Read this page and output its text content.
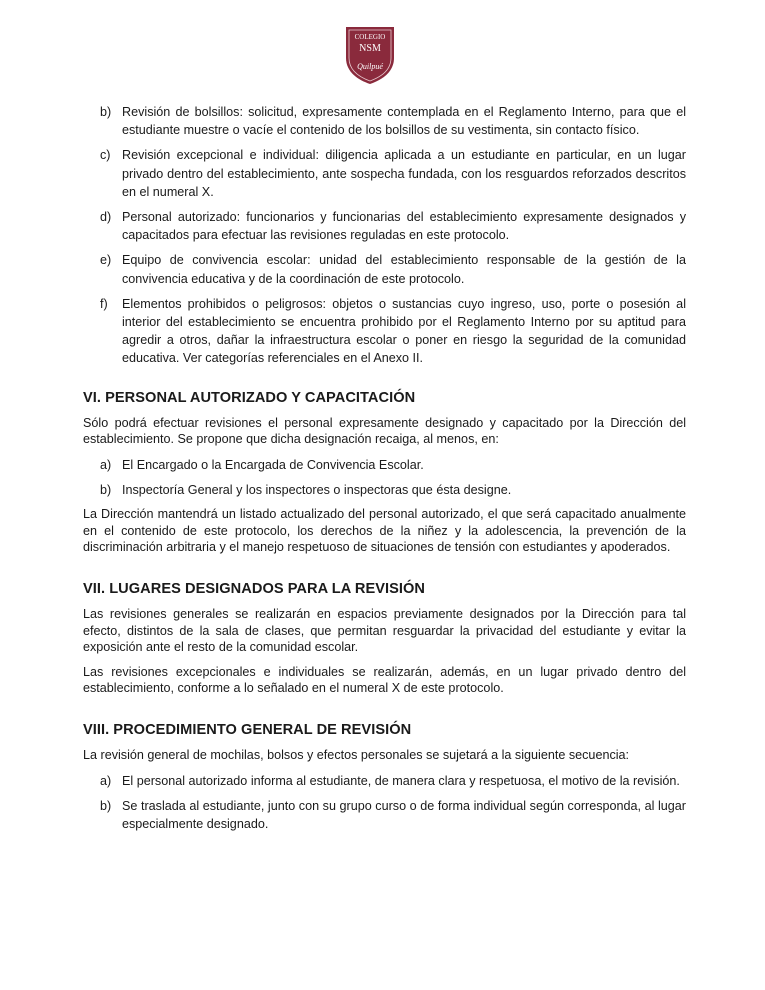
COLEGIO
NSM
Quilpué
b) Revisión de bolsillos: solicitud, expresamente contemplada en el Reglamento Interno, para que el estudiante muestre o vacíe el contenido de los bolsillos de su vestimenta, sin contacto físico.
c) Revisión excepcional e individual: diligencia aplicada a un estudiante en particular, en un lugar privado dentro del establecimiento, ante sospecha fundada, con los resguardos reforzados descritos en el numeral X.
d) Personal autorizado: funcionarios y funcionarias del establecimiento expresamente designados y capacitados para efectuar las revisiones reguladas en este protocolo.
e) Equipo de convivencia escolar: unidad del establecimiento responsable de la gestión de la convivencia educativa y de la coordinación de este protocolo.
f) Elementos prohibidos o peligrosos: objetos o sustancias cuyo ingreso, uso, porte o posesión al interior del establecimiento se encuentra prohibido por el Reglamento Interno por su aptitud para agredir a otros, dañar la infraestructura escolar o poner en riesgo la seguridad de la comunidad educativa. Ver categorías referenciales en el Anexo II.
VI. PERSONAL AUTORIZADO Y CAPACITACIÓN

Sólo podrá efectuar revisiones el personal expresamente designado y capacitado por la Dirección del establecimiento. Se propone que dicha designación recaiga, al menos, en:

a) El Encargado o la Encargada de Convivencia Escolar.
b) Inspectoría General y los inspectores o inspectoras que ésta designe.

La Dirección mantendrá un listado actualizado del personal autorizado, el que será capacitado anualmente en el contenido de este protocolo, los derechos de la niñez y la adolescencia, la prevención de la discriminación arbitraria y el manejo respetuoso de situaciones de tensión con estudiantes y apoderados.

VII. LUGARES DESIGNADOS PARA LA REVISIÓN

Las revisiones generales se realizarán en espacios previamente designados por la Dirección para tal efecto, distintos de la sala de clases, que permitan resguardar la privacidad del estudiante y evitar la exposición ante el resto de la comunidad escolar.

Las revisiones excepcionales e individuales se realizarán, además, en un lugar privado dentro del establecimiento, conforme a lo señalado en el numeral X de este protocolo.

VIII. PROCEDIMIENTO GENERAL DE REVISIÓN

La revisión general de mochilas, bolsos y efectos personales se sujetará a la siguiente secuencia:

a) El personal autorizado informa al estudiante, de manera clara y respetuosa, el motivo de la revisión.
b) Se traslada al estudiante, junto con su grupo curso o de forma individual según corresponda, al lugar especialmente designado.
